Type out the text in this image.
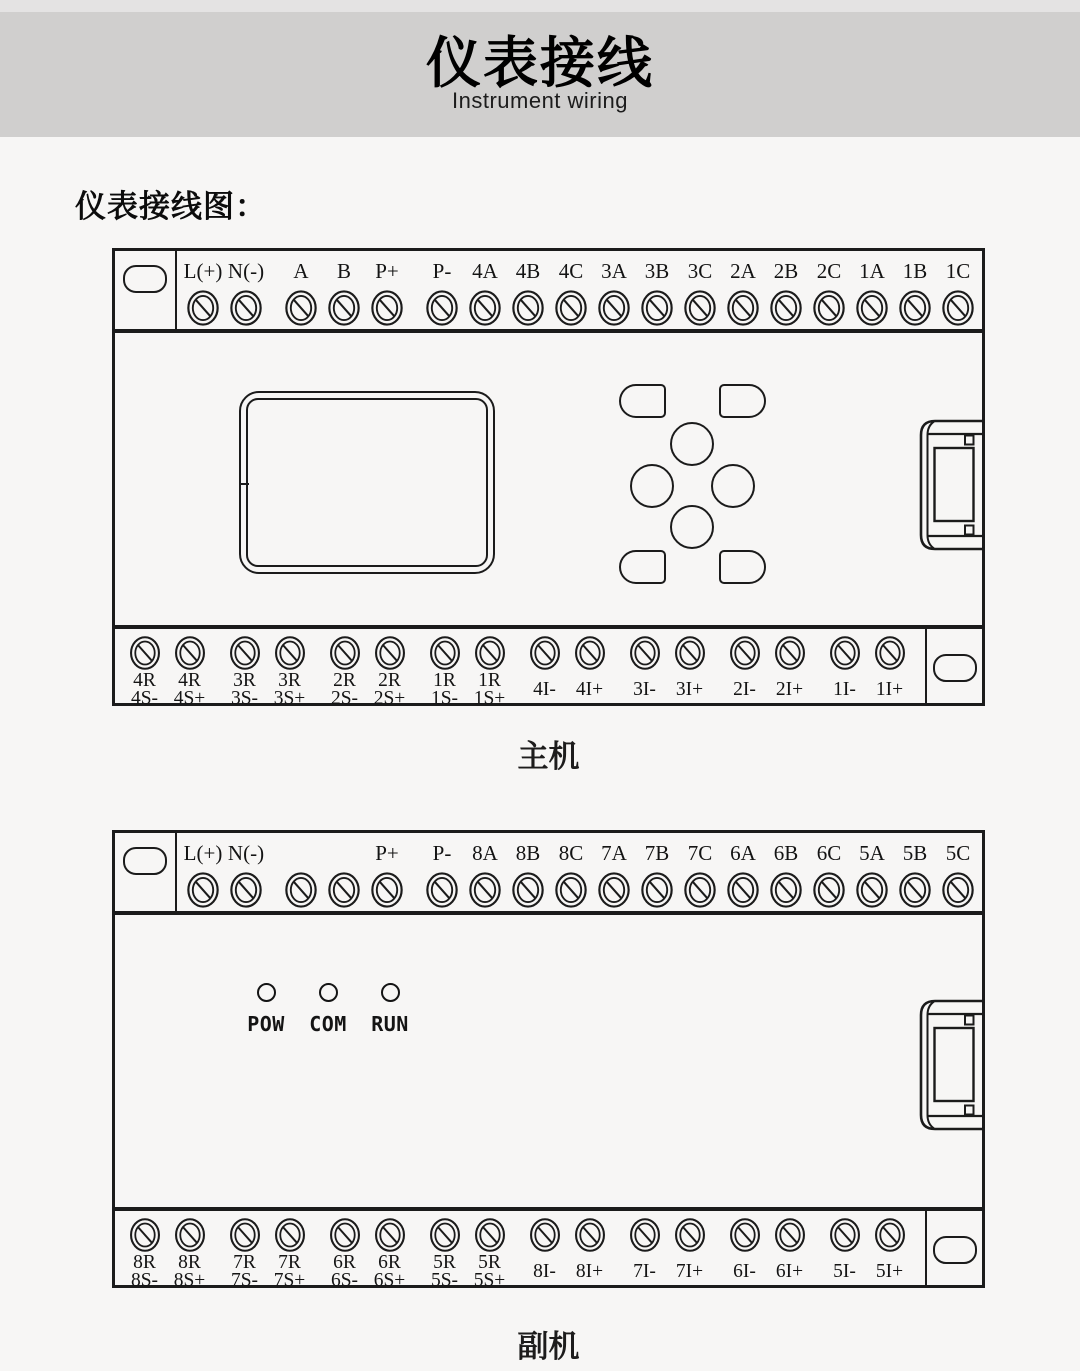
仪表接线
Instrument wiring
仪表接线图：
L(+) N(-) A B P+ P- 4A 4B 4C 3A 3B 3C 2A 2B 2C 1A 1B 1C
4R
4S-
4R
4S+
3R
3S-
3R
3S+
2R
2S-
2R
2S+
1R
1S-
1R
1S+ 4I- 4I+ 3I- 3I+ 2I- 2I+ 1I- 1I+
主机
L(+) N(-)	P+ P- 8A 8B 8C 7A 7B 7C 6A 6B 6C 5A 5B 5C
POW COM RUN
8R
8S-
8R
8S+
7R
7S-
7R
7S+
6R
6S-
6R
6S+
5R
5S-
5R
5S+ 8I- 8I+ 7I- 7I+ 6I- 6I+ 5I- 5I+
副机
